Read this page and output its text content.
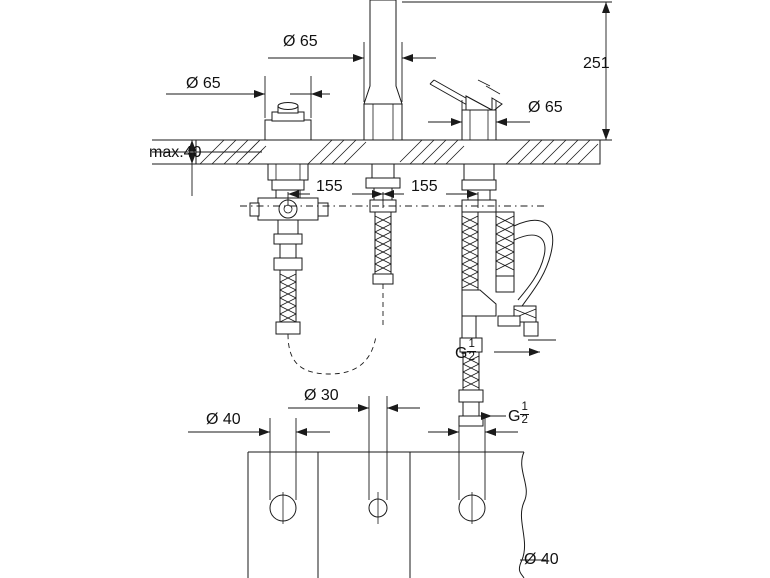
Ø 65
Ø 65
Ø 65
251
max.40
155	155
G $\frac{1}{2}$
G $\frac{1}{2}$
Ø 40
Ø 30
Ø 40
